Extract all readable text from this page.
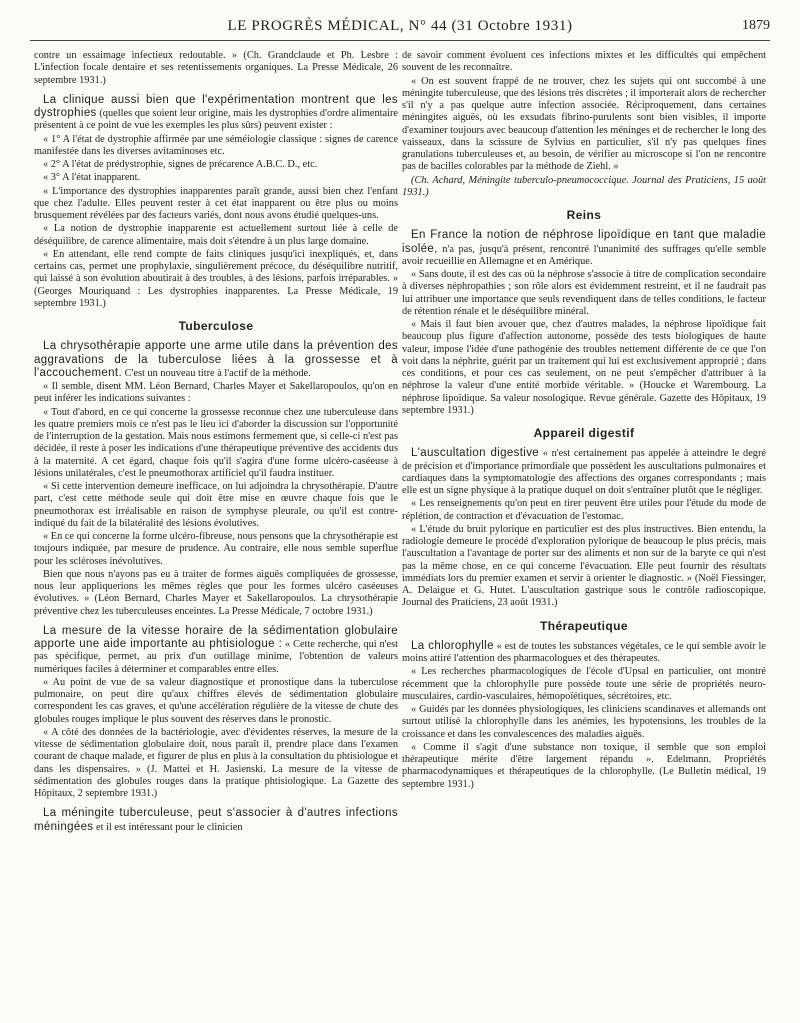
LE PROGRÈS MÉDICAL, N° 44 (31 Octobre 1931)	1879

contre un essaimage infectieux redoutable. » (Ch. Grandclaude et Ph. Lesbre : L'infection focale dentaire et ses retentissements organiques. La Presse Médicale, 26 septembre 1931.)

La clinique aussi bien que l'expérimentation montrent que les dystrophies (quelles que soient leur origine, mais les dystrophies d'ordre alimentaire présentent à ce point de vue les exemples les plus sûrs) peuvent exister :

« 1° A l'état de dystrophie affirmée par une séméiologie classique : signes de carence manifestée dans les diverses avitaminoses etc.

« 2° A l'état de prédystrophie, signes de précarence A.B.C. D., etc.

« 3° A l'état inapparent.

« L'importance des dystrophies inapparentes paraît grande, aussi bien chez l'enfant que chez l'adulte. Elles peuvent rester à cet état inapparent ou être plus ou moins brusquement révélées par des facteurs variés, dont nous avons étudié quelques-uns.

« La notion de dystrophie inapparente est actuellement surtout liée à celle de déséquilibre, de carence alimentaire, mais doit s'étendre à un plus large domaine.

« En attendant, elle rend compte de faits cliniques jusqu'ici inexpliqués, et, dans certains cas, permet une prophylaxie, singulièrement précoce, du déséquilibre nutritif, qui laissé à son évolution aboutirait à des troubles, à des lésions, parfois irréparables. » (Georges Mouriquand : Les dystrophies inapparentes. La Presse Médicale, 19 septembre 1931.)

Tuberculose

La chrysothérapie apporte une arme utile dans la prévention des aggravations de la tuberculose liées à la grossesse et à l'accouchement. C'est un nouveau titre à l'actif de la méthode.

« Il semble, disent MM. Léon Bernard, Charles Mayer et Sakellaropoulos, qu'on en peut inférer les indications suivantes :

« Tout d'abord, en ce qui concerne la grossesse reconnue chez une tuberculeuse dans les quatre premiers mois ce n'est pas le lieu ici d'aborder la discussion sur l'opportunité de l'interruption de la gestation. Mais nous estimons fermement que, si celle-ci n'est pas décidée, il reste à poser les indications d'une thérapeutique préventive des accidents dus à la maternité. A cet égard, chaque fois qu'il s'agira d'une forme ulcéro-caséeuse à lésions unilatérales, c'est le pneumothorax artificiel qu'il faudra instituer.

« Si cette intervention demeure inefficace, on lui adjoindra la chrysothérapie. D'autre part, c'est cette méthode seule qui doit être mise en œuvre chaque fois que le pneumothorax est irréalisable en raison de symphyse pleurale, ou qu'il est contre-indiqué du fait de la bilatéralité des lésions évolutives.

« En ce qui concerne la forme ulcéro-fibreuse, nous pensons que la chrysothérapie est toujours indiquée, par mesure de prudence. Au contraire, elle nous semble superflue pour les scléroses inévolutives.

Bien que nous n'ayons pas eu à traiter de formes aiguës compliquées de grossesse, nous leur appliquerions les mêmes règles que pour les formes ulcéro caséeuses évolutives. » (Léon Bernard, Charles Mayer et Sakellaropoulos. La chrysothérapie préventive chez les tuberculeuses enceintes. La Presse Médicale, 7 octobre 1931.)

La mesure de la vitesse horaire de la sédimentation globulaire apporte une aide importante au phtisiologue : « Cette recherche, qui n'est pas spécifique, permet, au prix d'un outillage minime, l'obtention de valeurs numériques faciles à déterminer et comparables entre elles.

« Au point de vue de sa valeur diagnostique et pronostique dans la tuberculose pulmonaire, on peut dire qu'aux chiffres élevés de sédimentation globulaire correspondent les cas graves, et qu'une accélération régulière de la vitesse de chute des globules rouges implique le plus souvent des réserves dans le pronostic.

« A côté des données de la bactériologie, avec d'évidentes réserves, la mesure de la vitesse de sédimentation globulaire doit, nous paraît il, prendre place dans l'examen courant de chaque malade, et figurer de plus en plus à la consultation du phtisiologue et dans les dispensaires. » (J. Mattei et H. Jasienski. La mesure de la vitesse de sédimentation des globules rouges dans la pratique phtisiologique. La Gazette des Hôpitaux, 2 septembre 1931.)

La méningite tuberculeuse, peut s'associer à d'autres infections méningées et il est intéressant pour le clinicien

de savoir comment évoluent ces infections mixtes et les difficultés qui empêchent souvent de les reconnaître.

« On est souvent frappé de ne trouver, chez les sujets qui ont succombé à une méningite tuberculeuse, que des lésions très discrètes ; il importerait alors de rechercher s'il n'y a pas quelque autre infection associée. Réciproquement, dans certaines méningites aiguës, où les exsudats fibrino-purulents sont bien visibles, il importe d'examiner toujours avec beaucoup d'attention les méninges et de rechercher le long des vaisseaux, dans la scissure de Sylvius en particulier, s'il n'y pas quelques fines granulations tuberculeuses et, au besoin, de vérifier au microscope si l'on ne rencontre pas de bacilles colorables par la méthode de Ziehl. »

(Ch. Achard, Méningite tuberculo-pneumococcique. Journal des Praticiens, 15 août 1931.)

Reins

En France la notion de néphrose lipoïdique en tant que maladie isolée, n'a pas, jusqu'à présent, rencontré l'unanimité des suffrages qu'elle semble avoir recueillie en Allemagne et en Amérique.

« Sans doute, il est des cas où la néphrose s'associe à titre de complication secondaire à diverses néphropathies ; son rôle alors est évidemment restreint, et il ne faudrait pas lui attribuer une importance que seuls revendiquent dans de telles conditions, le facteur de rétention rénale et le déséquilibre minéral.

« Mais il faut bien avouer que, chez d'autres malades, la néphrose lipoïdique fait beaucoup plus figure d'affection autonome, possède des tests biologiques de haute valeur, impose l'idée d'une pathogénie des troubles nettement différente de ce que l'on voit dans la néphrite, guérit par un traitement qui lui est exclusivement approprié ; dans ces conditions, et pour ces cas seulement, on ne peut s'empêcher d'attribuer à la néphrose la valeur d'une entité morbide véritable. » (Houcke et Warembourg. La néphrose lipoïdique. Sa valeur nosologique. Revue générale. Gazette des Hôpitaux, 19 septembre 1931.)

Appareil digestif

L'auscultation digestive « n'est certainement pas appelée à atteindre le degré de précision et d'importance primordiale que possèdent les auscultations pulmonaires et cardiaques dans la symptomatologie des affections des organes correspondants ; mais elle est un signe physique à la pratique duquel on doit s'entraîner plutôt que le négliger.

« Les renseignements qu'on peut en tirer peuvent être utiles pour l'étude du mode de réplétion, de contraction et d'évacuation de l'estomac.

« L'étude du bruit pylorique en particulier est des plus instructives. Bien entendu, la radiologie demeure le procédé d'exploration pylorique de beaucoup le plus précis, mais l'auscultation a l'avantage de porter sur des aliments et non sur de la baryte ce qui n'est pas la même chose, en ce qui concerne l'évacuation. Elle peut fournir des résultats immédiats lors du premier examen et servir à orienter le diagnostic. » (Noël Fiessinger, A. Delaigue et G. Hutet. L'auscultation gastrique sous le contrôle radioscopique. Journal des Praticiens, 23 août 1931.)

Thérapeutique

La chlorophylle « est de toutes les substances végétales, ce le qui semble avoir le moins attiré l'attention des pharmacologues et des thérapeutes.

« Les recherches pharmacologiques de l'école d'Upsal en particulier, ont montré récemment que la chlorophylle pure possède toute une série de propriétés neuro-musculaires, cardio-vasculaires, hémopoïétiques, sécrétoires, etc.

« Guidés par les données physiologiques, les cliniciens scandinaves et allemands ont surtout utilisé la chlorophylle dans les anémies, les hypotensions, les troubles de la croissance et dans les convalescences des maladies aiguës.

« Comme il s'agit d'une substance non toxique, il semble que son emploi thérapeutique mérite d'être largement répandu ». Edelmann. Propriétés pharmacodynamiques et thérapeutiques de la chlorophylle. (Le Bulletin médical, 19 septembre 1931.)
